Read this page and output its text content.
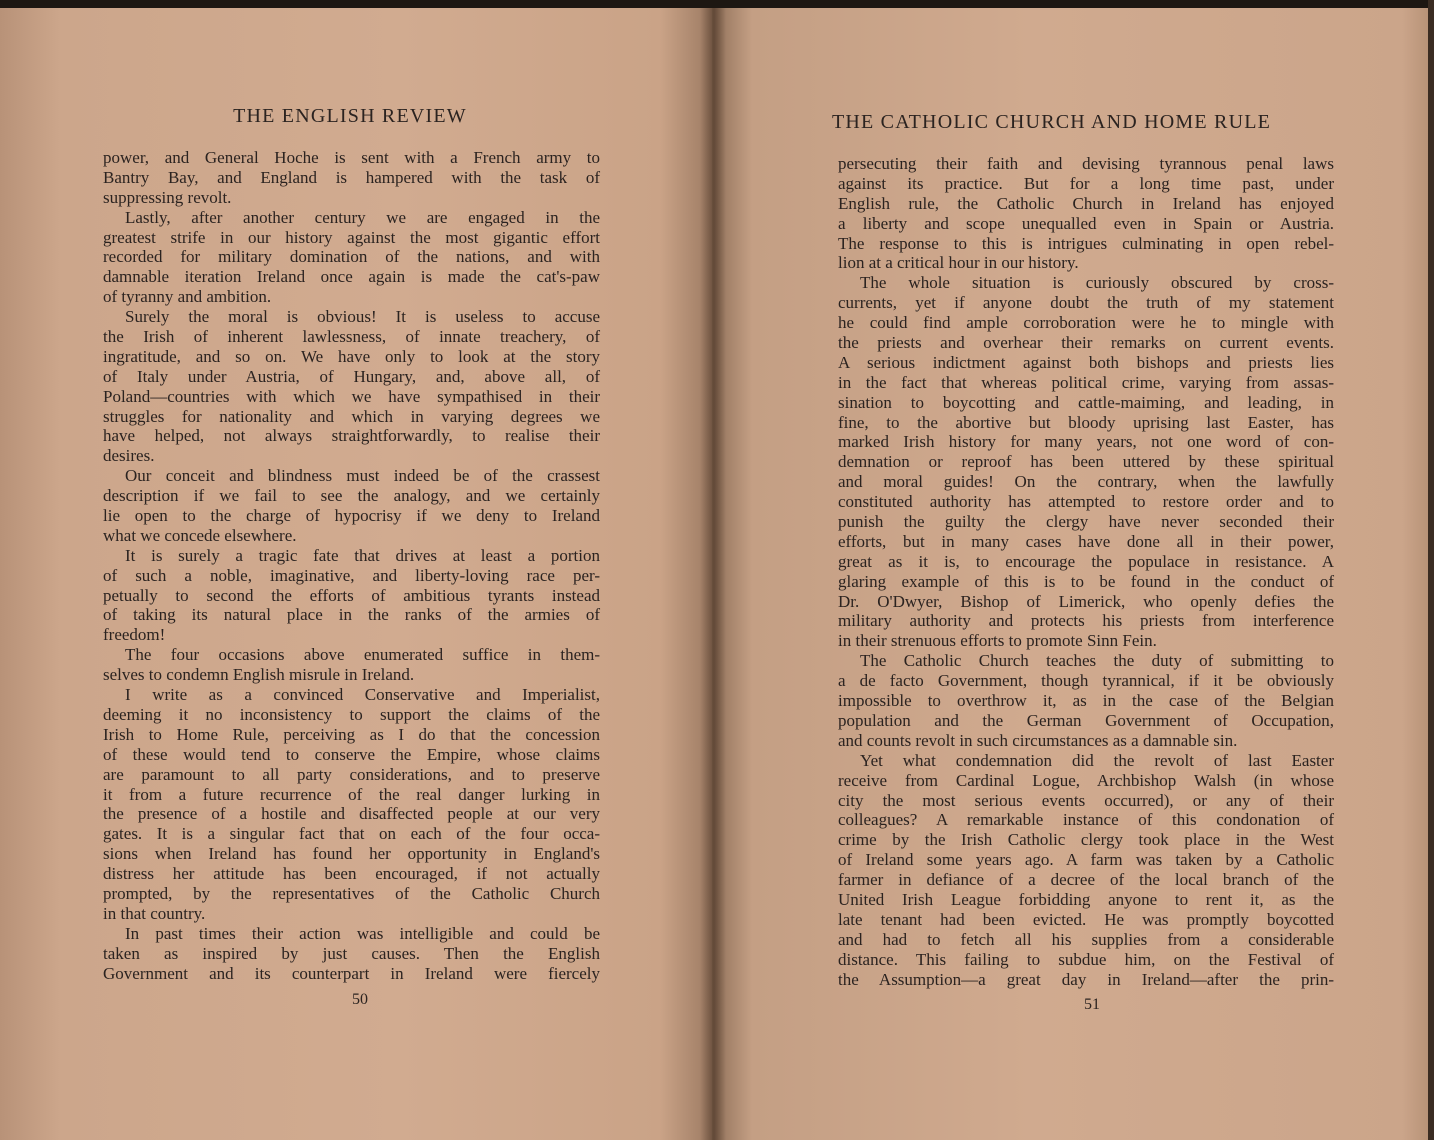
THE ENGLISH REVIEW
power, and General Hoche is sent with a French army to
Bantry Bay, and England is hampered with the task of
suppressing revolt.
Lastly, after another century we are engaged in the
greatest strife in our history against the most gigantic effort
recorded for military domination of the nations, and with
damnable iteration Ireland once again is made the cat's-paw
of tyranny and ambition.
Surely the moral is obvious! It is useless to accuse
the Irish of inherent lawlessness, of innate treachery, of
ingratitude, and so on. We have only to look at the story
of Italy under Austria, of Hungary, and, above all, of
Poland—countries with which we have sympathised in their
struggles for nationality and which in varying degrees we
have helped, not always straightforwardly, to realise their
desires.
Our conceit and blindness must indeed be of the crassest
description if we fail to see the analogy, and we certainly
lie open to the charge of hypocrisy if we deny to Ireland
what we concede elsewhere.
It is surely a tragic fate that drives at least a portion
of such a noble, imaginative, and liberty-loving race per-
petually to second the efforts of ambitious tyrants instead
of taking its natural place in the ranks of the armies of
freedom!
The four occasions above enumerated suffice in them-
selves to condemn English misrule in Ireland.
I write as a convinced Conservative and Imperialist,
deeming it no inconsistency to support the claims of the
Irish to Home Rule, perceiving as I do that the concession
of these would tend to conserve the Empire, whose claims
are paramount to all party considerations, and to preserve
it from a future recurrence of the real danger lurking in
the presence of a hostile and disaffected people at our very
gates. It is a singular fact that on each of the four occa-
sions when Ireland has found her opportunity in England's
distress her attitude has been encouraged, if not actually
prompted, by the representatives of the Catholic Church
in that country.
In past times their action was intelligible and could be
taken as inspired by just causes. Then the English
Government and its counterpart in Ireland were fiercely
50
THE CATHOLIC CHURCH AND HOME RULE
persecuting their faith and devising tyrannous penal laws
against its practice. But for a long time past, under
English rule, the Catholic Church in Ireland has enjoyed
a liberty and scope unequalled even in Spain or Austria.
The response to this is intrigues culminating in open rebel-
lion at a critical hour in our history.
The whole situation is curiously obscured by cross-
currents, yet if anyone doubt the truth of my statement
he could find ample corroboration were he to mingle with
the priests and overhear their remarks on current events.
A serious indictment against both bishops and priests lies
in the fact that whereas political crime, varying from assas-
sination to boycotting and cattle-maiming, and leading, in
fine, to the abortive but bloody uprising last Easter, has
marked Irish history for many years, not one word of con-
demnation or reproof has been uttered by these spiritual
and moral guides! On the contrary, when the lawfully
constituted authority has attempted to restore order and to
punish the guilty the clergy have never seconded their
efforts, but in many cases have done all in their power,
great as it is, to encourage the populace in resistance. A
glaring example of this is to be found in the conduct of
Dr. O'Dwyer, Bishop of Limerick, who openly defies the
military authority and protects his priests from interference
in their strenuous efforts to promote Sinn Fein.
The Catholic Church teaches the duty of submitting to
a de facto Government, though tyrannical, if it be obviously
impossible to overthrow it, as in the case of the Belgian
population and the German Government of Occupation,
and counts revolt in such circumstances as a damnable sin.
Yet what condemnation did the revolt of last Easter
receive from Cardinal Logue, Archbishop Walsh (in whose
city the most serious events occurred), or any of their
colleagues? A remarkable instance of this condonation of
crime by the Irish Catholic clergy took place in the West
of Ireland some years ago. A farm was taken by a Catholic
farmer in defiance of a decree of the local branch of the
United Irish League forbidding anyone to rent it, as the
late tenant had been evicted. He was promptly boycotted
and had to fetch all his supplies from a considerable
distance. This failing to subdue him, on the Festival of
the Assumption—a great day in Ireland—after the prin-
51
